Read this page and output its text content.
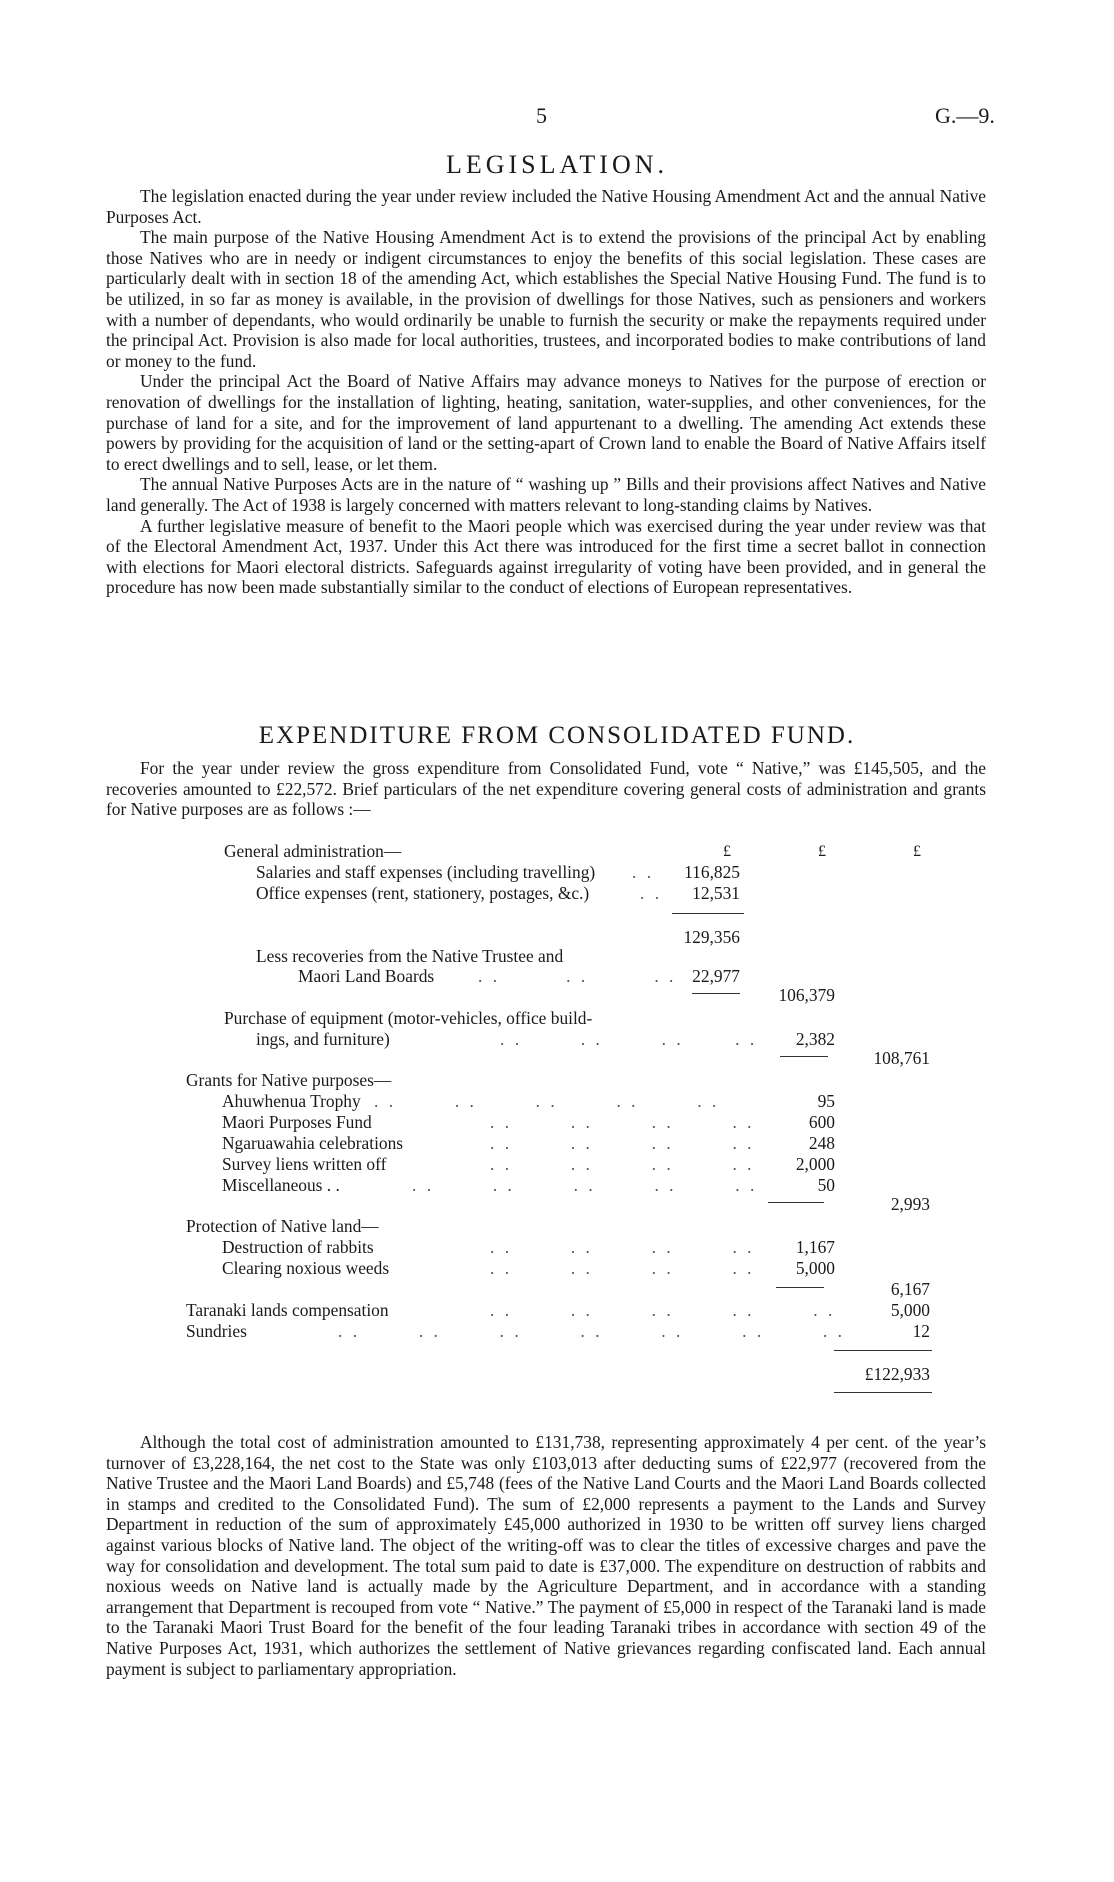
5	G.—9.
LEGISLATION.

The legislation enacted during the year under review included the Native Housing Amendment Act and the annual Native Purposes Act.

The main purpose of the Native Housing Amendment Act is to extend the provisions of the principal Act by enabling those Natives who are in needy or indigent circumstances to enjoy the benefits of this social legislation. These cases are particularly dealt with in section 18 of the amending Act, which establishes the Special Native Housing Fund. The fund is to be utilized, in so far as money is available, in the provision of dwellings for those Natives, such as pensioners and workers with a number of dependants, who would ordinarily be unable to furnish the security or make the repayments required under the principal Act. Provision is also made for local authorities, trustees, and incorporated bodies to make contributions of land or money to the fund.

Under the principal Act the Board of Native Affairs may advance moneys to Natives for the purpose of erection or renovation of dwellings for the installation of lighting, heating, sanitation, water-supplies, and other conveniences, for the purchase of land for a site, and for the improvement of land appurtenant to a dwelling. The amending Act extends these powers by providing for the acquisition of land or the setting-apart of Crown land to enable the Board of Native Affairs itself to erect dwellings and to sell, lease, or let them.

The annual Native Purposes Acts are in the nature of “ washing up ” Bills and their provisions affect Natives and Native land generally. The Act of 1938 is largely concerned with matters relevant to long-standing claims by Natives.

A further legislative measure of benefit to the Maori people which was exercised during the year under review was that of the Electoral Amendment Act, 1937. Under this Act there was introduced for the first time a secret ballot in connection with elections for Maori electoral districts. Safeguards against irregularity of voting have been provided, and in general the procedure has now been made substantially similar to the conduct of elections of European representatives.

EXPENDITURE FROM CONSOLIDATED FUND.

For the year under review the gross expenditure from Consolidated Fund, vote “ Native,” was £145,505, and the recoveries amounted to £22,572. Brief particulars of the net expenditure covering general costs of administration and grants for Native purposes are as follows :—

£	£	£
General administration—
Salaries and staff expenses (including travelling) . .	116,825
Office expenses (rent, stationery, postages, &c.)	. .	12,531
129,356
Less recoveries from the Native Trustee and
Maori Land Boards	. .         . .         . . 22,977
106,379
Purchase of equipment (motor-vehicles, office build-
ings, and furniture)	. .        . .        . .       . .	2,382
108,761
Grants for Native purposes—
Ahuwhenua Trophy . .        . .        . .        . .        . .	95
Maori Purposes Fund	. .        . .        . .        . .	600
Ngaruawahia celebrations	. .        . .        . .        . .	248
Survey liens written off	. .        . .        . .        . .	2,000
Miscellaneous . .	. .        . .        . .        . .        . .	50
2,993
Protection of Native land—
Destruction of rabbits	. .        . .        . .        . .	1,167
Clearing noxious weeds	. .        . .        . .        . .	5,000
6,167
Taranaki lands compensation	. .        . .        . .        . .        . .	5,000
Sundries	. .        . .        . .        . .        . .        . .        . .	12
£122,933

Although the total cost of administration amounted to £131,738, representing approximately 4 per cent. of the year’s turnover of £3,228,164, the net cost to the State was only £103,013 after deducting sums of £22,977 (recovered from the Native Trustee and the Maori Land Boards) and £5,748 (fees of the Native Land Courts and the Maori Land Boards collected in stamps and credited to the Consolidated Fund). The sum of £2,000 represents a payment to the Lands and Survey Department in reduction of the sum of approximately £45,000 authorized in 1930 to be written off survey liens charged against various blocks of Native land. The object of the writing-off was to clear the titles of excessive charges and pave the way for consolidation and development. The total sum paid to date is £37,000. The expenditure on destruction of rabbits and noxious weeds on Native land is actually made by the Agriculture Department, and in accordance with a standing arrangement that Department is recouped from vote “ Native.” The payment of £5,000 in respect of the Taranaki land is made to the Taranaki Maori Trust Board for the benefit of the four leading Taranaki tribes in accordance with section 49 of the Native Purposes Act, 1931, which authorizes the settlement of Native grievances regarding confiscated land. Each annual payment is subject to parliamentary appropriation.
